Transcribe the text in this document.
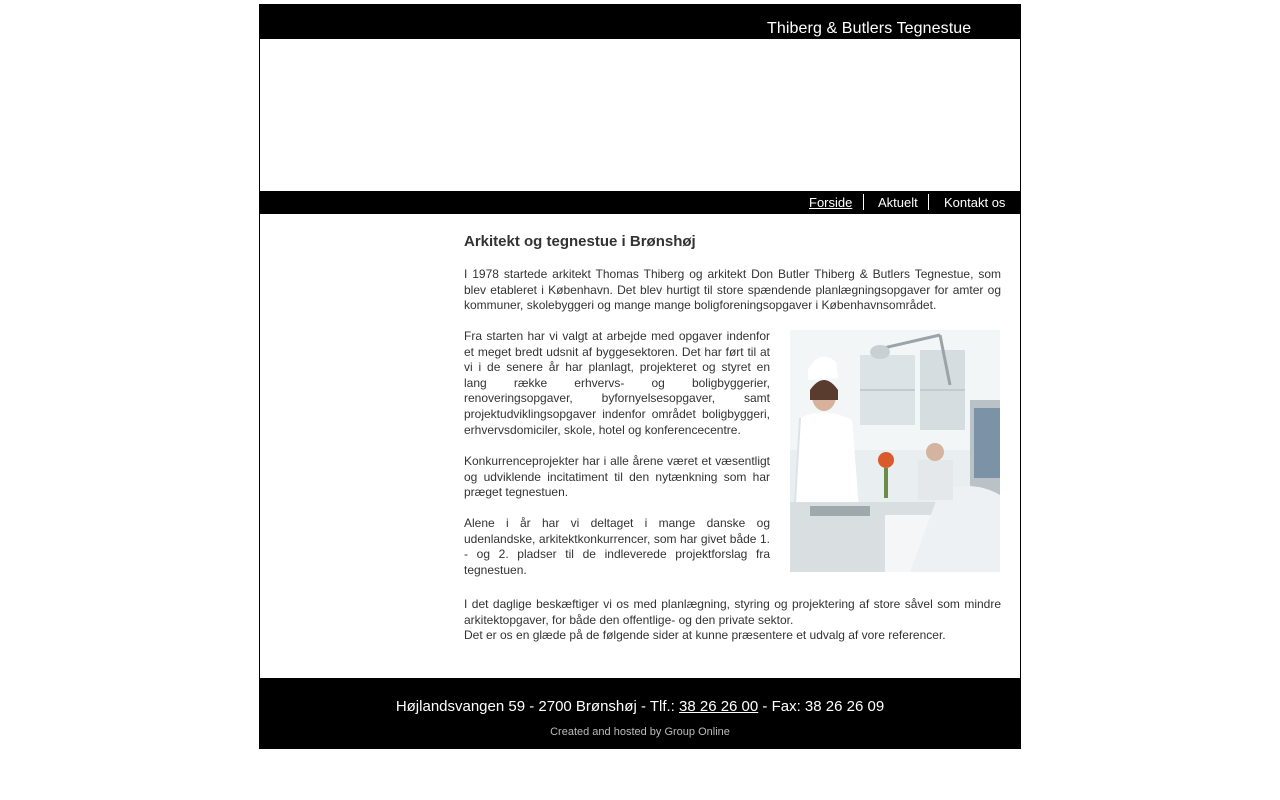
Thiberg & Butlers Tegnestue
Forside Aktuelt Kontakt os
Arkitekt og tegnestue i Brønshøj

I 1978 startede arkitekt Thomas Thiberg og arkitekt Don Butler Thiberg & Butlers Tegnestue, som blev etableret i København. Det blev hurtigt til store spændende planlægningsopgaver for amter og kommuner, skolebyggeri og mange mange boligforeningsopgaver i Københavnsområdet.

Fra starten har vi valgt at arbejde med opgaver indenfor et meget bredt udsnit af byggesektoren. Det har ført til at vi i de senere år har planlagt, projekteret og styret en lang række erhvervs- og boligbyggerier, renoveringsopgaver, byfornyelsesopgaver, samt projektudviklingsopgaver indenfor området boligbyggeri, erhvervsdomiciler, skole, hotel og konferencecentre.

Konkurrenceprojekter har i alle årene været et væsentligt og udviklende incitatiment til den nytænkning som har præget tegnestuen.

Alene i år har vi deltaget i mange danske og udenlandske, arkitektkonkurrencer, som har givet både 1. - og 2. pladser til de indleverede projektforslag fra tegnestuen.

I det daglige beskæftiger vi os med planlægning, styring og projektering af store såvel som mindre arkitektopgaver, for både den offentlige- og den private sektor.

Det er os en glæde på de følgende sider at kunne præsentere et udvalg af vore referencer.

Højlandsvangen 59 - 2700 Brønshøj - Tlf.: 38 26 26 00 - Fax: 38 26 26 09
Created and hosted by Group Online
